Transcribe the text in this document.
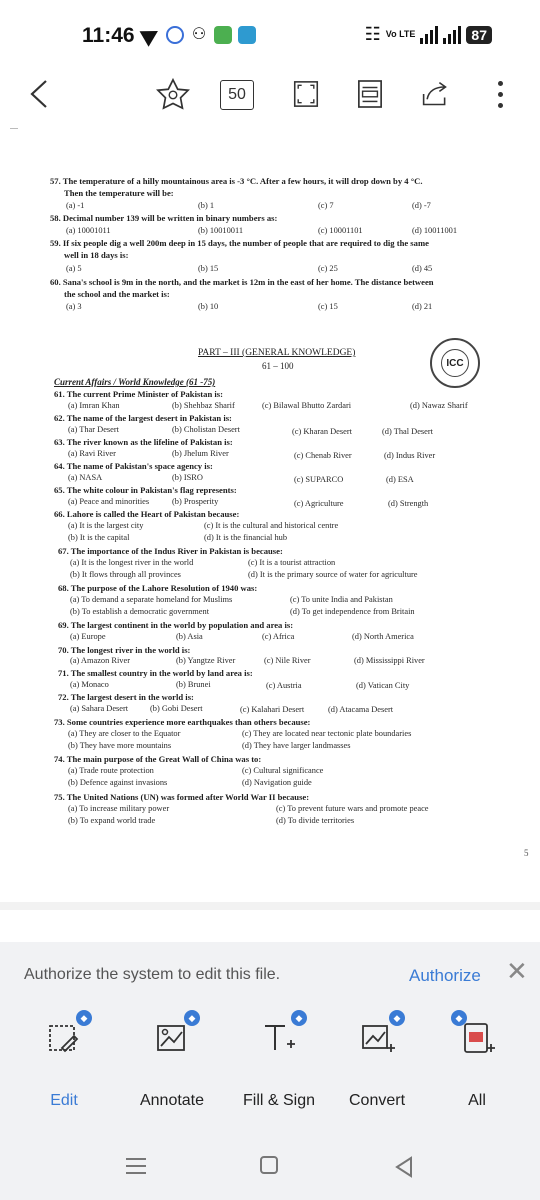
11:46	⚇	☷ Vo LTE	87
50
57. The temperature of a hilly mountainous area is -3 °C. After a few hours, it will drop down by 4 °C.
Then the temperature will be:
(a) -1	(b) 1	(c) 7	(d) -7
58. Decimal number 139 will be written in binary numbers as:
(a) 10001011	(b) 10010011	(c) 10001101	(d) 10011001
59. If six people dig a well 200m deep in 15 days, the number of people that are required to dig the same
well in 18 days is:
(a) 5	(b) 15	(c) 25	(d) 45
60. Sana's school is 9m in the north, and the market is 12m in the east of her home. The distance between
the school and the market is:
(a) 3	(b) 10	(c) 15	(d) 21
PART – III (GENERAL KNOWLEDGE)
61 – 100	ICC
Current Affairs / World Knowledge (61 -75)
61. The current Prime Minister of Pakistan is:
(a) Imran Khan	(b) Shehbaz Sharif	(c) Bilawal Bhutto Zardari	(d) Nawaz Sharif
62. The name of the largest desert in Pakistan is:
(a) Thar Desert	(b) Cholistan Desert	(c) Kharan Desert	(d) Thal Desert
63. The river known as the lifeline of Pakistan is:
(a) Ravi River	(b) Jhelum River	(c) Chenab River	(d) Indus River
64. The name of Pakistan's space agency is:
(a) NASA	(b) ISRO	(c) SUPARCO	(d) ESA
65. The white colour in Pakistan's flag represents:
(a) Peace and minorities	(b) Prosperity	(c) Agriculture	(d) Strength
66. Lahore is called the Heart of Pakistan because:
(a) It is the largest city	(c) It is the cultural and historical centre
(b) It is the capital	(d) It is the financial hub
67. The importance of the Indus River in Pakistan is because:
(a) It is the longest river in the world	(c) It is a tourist attraction
(b) It flows through all provinces	(d) It is the primary source of water for agriculture
68. The purpose of the Lahore Resolution of 1940 was:
(a) To demand a separate homeland for Muslims	(c) To unite India and Pakistan
(b) To establish a democratic government	(d) To get independence from Britain
69. The largest continent in the world by population and area is:
(a) Europe	(b) Asia	(c) Africa	(d) North America
70. The longest river in the world is:
(a) Amazon River	(b) Yangtze River	(c) Nile River	(d) Mississippi River
71. The smallest country in the world by land area is:
(a) Monaco	(b) Brunei	(c) Austria	(d) Vatican City
72. The largest desert in the world is:
(a) Sahara Desert	(b) Gobi Desert	(c) Kalahari Desert	(d) Atacama Desert
73. Some countries experience more earthquakes than others because:
(a) They are closer to the Equator	(c) They are located near tectonic plate boundaries
(b) They have more mountains	(d) They have larger landmasses
74. The main purpose of the Great Wall of China was to:
(a) Trade route protection	(c) Cultural significance
(b) Defence against invasions	(d) Navigation guide
75. The United Nations (UN) was formed after World War II because:
(a) To increase military power	(c) To prevent future wars and promote peace
(b) To expand world trade	(d) To divide territories
5
Authorize the system to edit this file.	Authorize ✕
◆
Edit
◆
Annotate
◆
Fill & Sign
◆
Convert
◆
All
